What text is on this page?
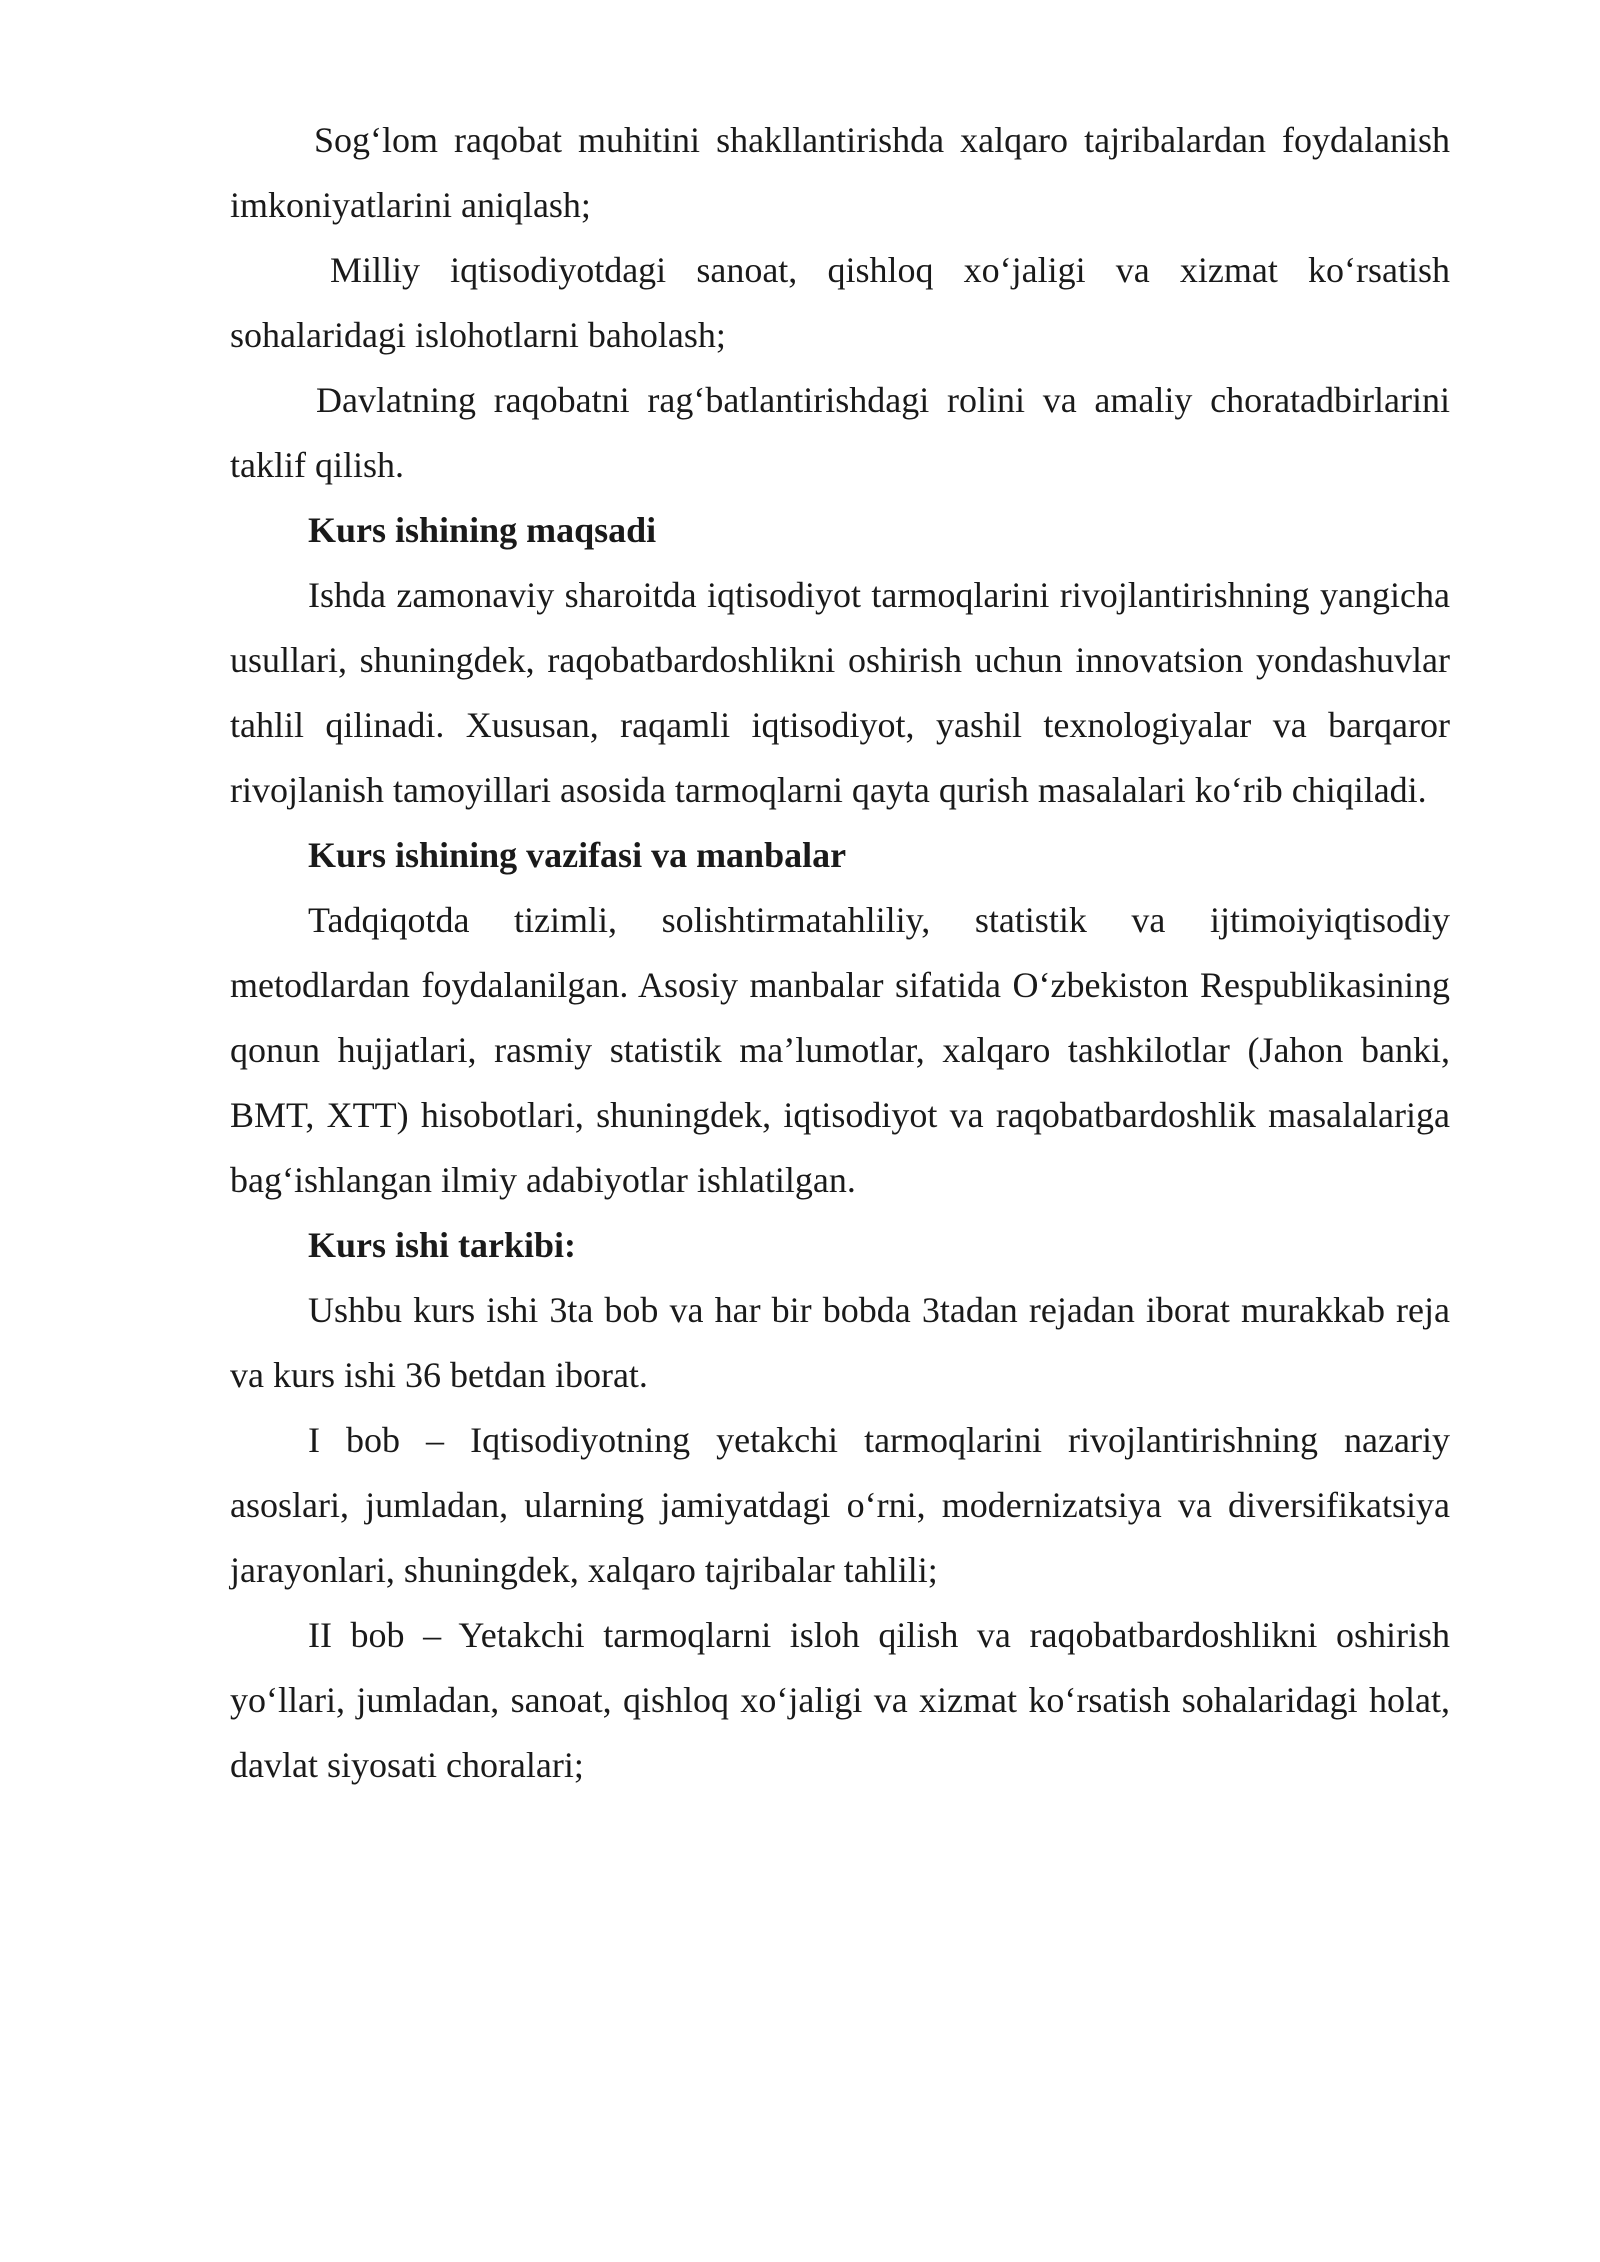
Sog‘lom raqobat muhitini shakllantirishda xalqaro tajribalardan foydalanish imkoniyatlarini aniqlash;

Milliy iqtisodiyotdagi sanoat, qishloq xo‘jaligi va xizmat ko‘rsatish sohalaridagi islohotlarni baholash;

Davlatning raqobatni rag‘batlantirishdagi rolini va amaliy choratadbirlarini taklif qilish.

Kurs ishining maqsadi

Ishda zamonaviy sharoitda iqtisodiyot tarmoqlarini rivojlantirishning yangicha usullari, shuningdek, raqobatbardoshlikni oshirish uchun innovatsion yondashuvlar tahlil qilinadi. Xususan, raqamli iqtisodiyot, yashil texnologiyalar va barqaror rivojlanish tamoyillari asosida tarmoqlarni qayta qurish masalalari ko‘rib chiqiladi.

Kurs ishining vazifasi va manbalar

Tadqiqotda tizimli, solishtirmatahliliy, statistik va ijtimoiyiqtisodiy metodlardan foydalanilgan. Asosiy manbalar sifatida O‘zbekiston Respublikasining qonun hujjatlari, rasmiy statistik ma’lumotlar, xalqaro tashkilotlar (Jahon banki, BMT, XTT) hisobotlari, shuningdek, iqtisodiyot va raqobatbardoshlik masalalariga bag‘ishlangan ilmiy adabiyotlar ishlatilgan.

Kurs ishi tarkibi:

Ushbu kurs ishi 3ta bob va har bir bobda 3tadan rejadan iborat murakkab reja va kurs ishi 36 betdan iborat.

I bob – Iqtisodiyotning yetakchi tarmoqlarini rivojlantirishning nazariy asoslari, jumladan, ularning jamiyatdagi o‘rni, modernizatsiya va diversifikatsiya jarayonlari, shuningdek, xalqaro tajribalar tahlili;

II bob – Yetakchi tarmoqlarni isloh qilish va raqobatbardoshlikni oshirish yo‘llari, jumladan, sanoat, qishloq xo‘jaligi va xizmat ko‘rsatish sohalaridagi holat, davlat siyosati choralari;
